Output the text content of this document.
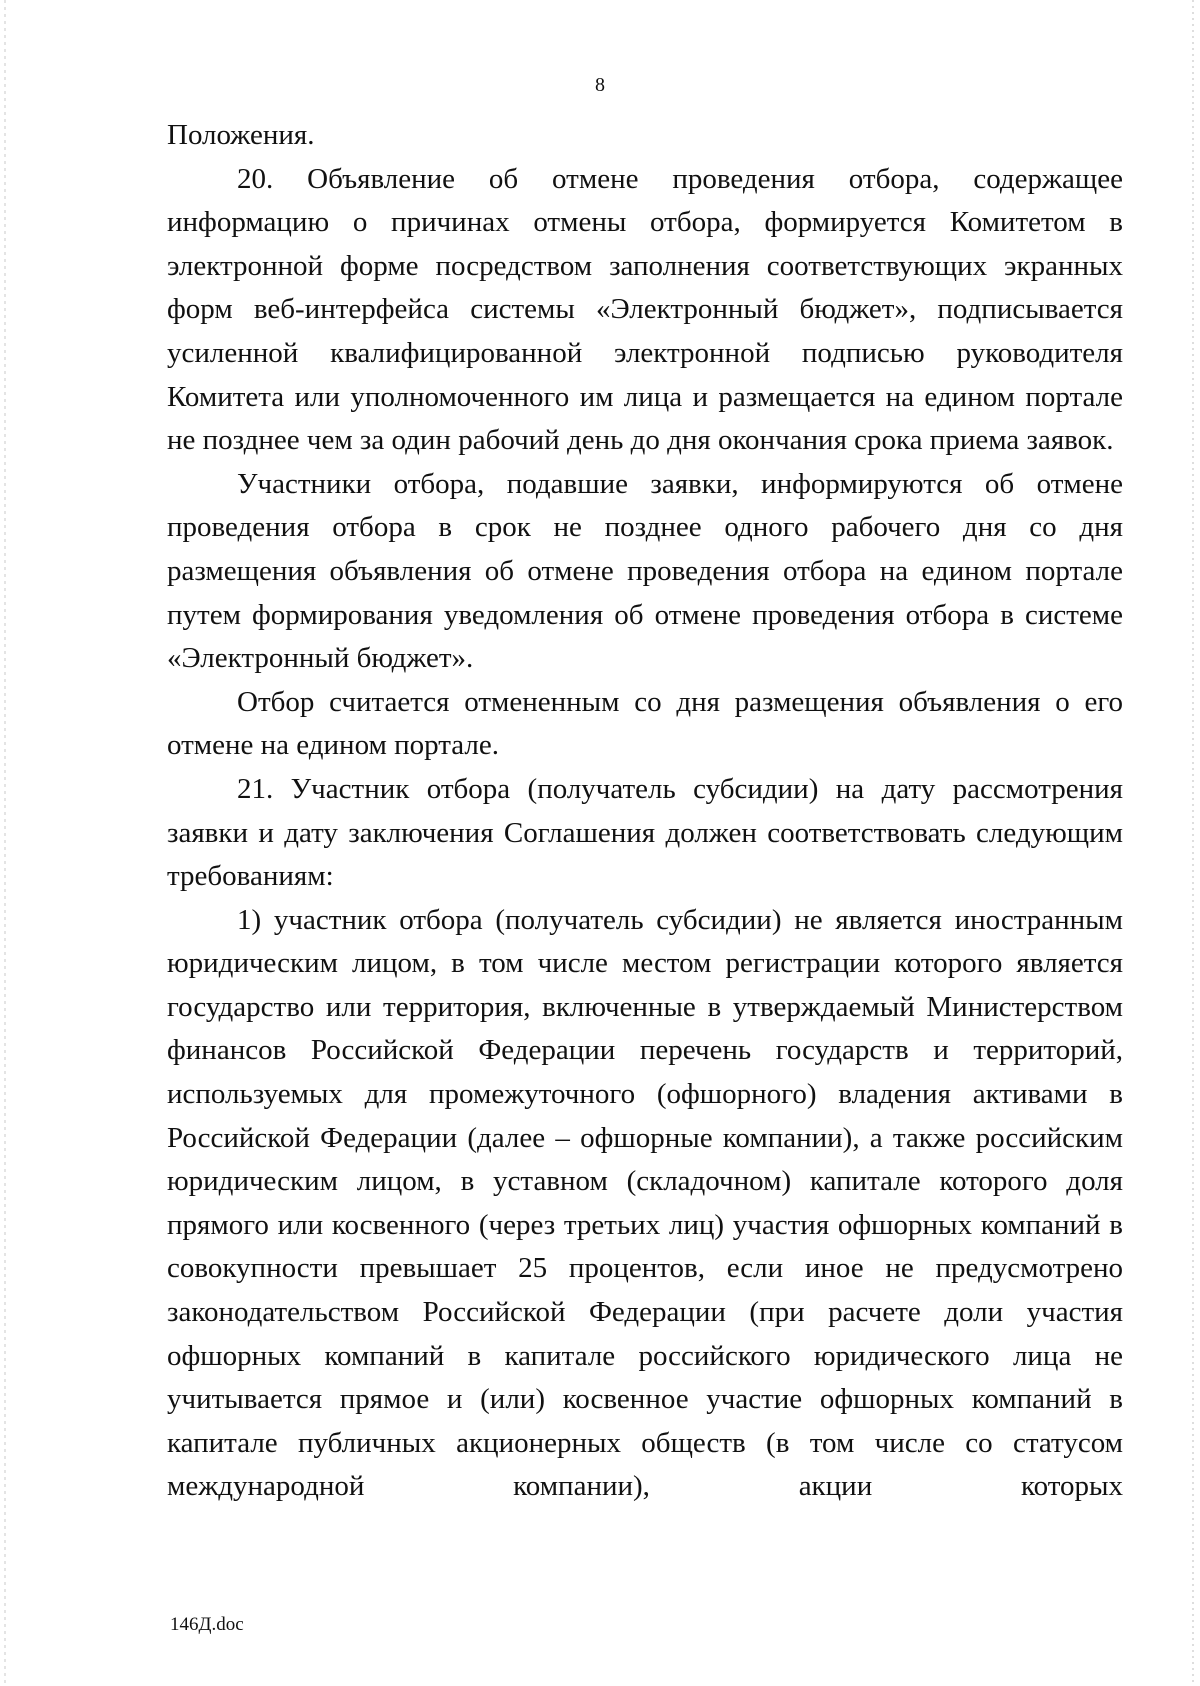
8

Положения.

20. Объявление об отмене проведения отбора, содержащее информацию о причинах отмены отбора, формируется Комитетом в электронной форме посредством заполнения соответствующих экранных форм веб-интерфейса системы «Электронный бюджет», подписывается усиленной квалифицированной электронной подписью руководителя Комитета или уполномоченного им лица и размещается на едином портале не позднее чем за один рабочий день до дня окончания срока приема заявок.

Участники отбора, подавшие заявки, информируются об отмене проведения отбора в срок не позднее одного рабочего дня со дня размещения объявления об отмене проведения отбора на едином портале путем формирования уведомления об отмене проведения отбора в системе «Электронный бюджет».

Отбор считается отмененным со дня размещения объявления о его отмене на едином портале.

21. Участник отбора (получатель субсидии) на дату рассмотрения заявки и дату заключения Соглашения должен соответствовать следующим требованиям:

1) участник отбора (получатель субсидии) не является иностранным юридическим лицом, в том числе местом регистрации которого является государство или территория, включенные в утверждаемый Министерством финансов Российской Федерации перечень государств и территорий, используемых для промежуточного (офшорного) владения активами в Российской Федерации (далее – офшорные компании), а также российским юридическим лицом, в уставном (складочном) капитале которого доля прямого или косвенного (через третьих лиц) участия офшорных компаний в совокупности превышает 25 процентов, если иное не предусмотрено законодательством Российской Федерации (при расчете доли участия офшорных компаний в капитале российского юридического лица не учитывается прямое и (или) косвенное участие офшорных компаний в капитале публичных акционерных обществ (в том числе со статусом международной компании), акции которых

146Д.doc
